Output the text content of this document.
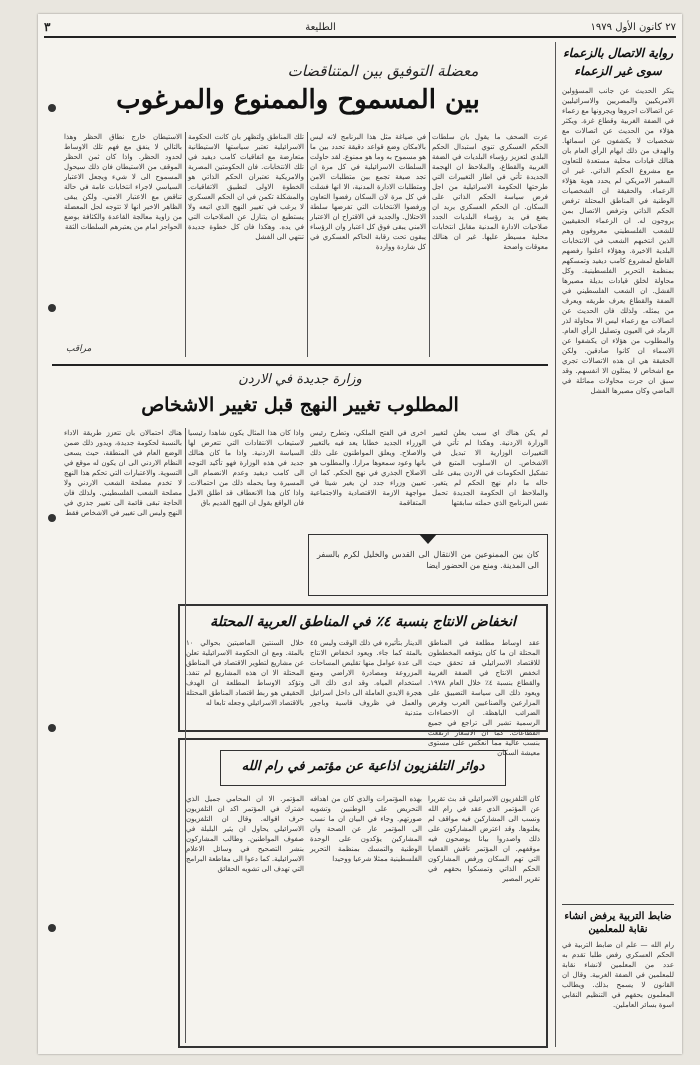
٢٧ كانون الأول ١٩٧٩
الطليعة
٣
رواية الاتصال بالزعماء سوى غير الزعماء

ينكر الحديث عن جانب المسؤولين الامريكيين والمصريين والاسرائيليين عن اتصالات اجروها ويجرونها مع زعماء في الضفة الغربية وقطاع غزة. ويكثر هؤلاء من الحديث عن اتصالات مع شخصيات لا يكشفون عن اسمائها. والهدف من ذلك ايهام الرأي العام بان هنالك قيادات محلية مستعدة للتعاون مع مشروع الحكم الذاتي. غير ان السفير الامريكي لم يحدد هوية هؤلاء الزعماء. والحقيقة ان الشخصيات الوطنية في المناطق المحتلة ترفض الحكم الذاتي وترفض الاتصال بمن يروجون له. ان الزعماء الحقيقيين للشعب الفلسطيني معروفون وهم الذين انتخبهم الشعب في الانتخابات البلدية الاخيرة. وهؤلاء اعلنوا رفضهم القاطع لمشروع كامب ديفيد وتمسكهم بمنظمة التحرير الفلسطينية. وكل محاولة لخلق قيادات بديلة مصيرها الفشل. ان الشعب الفلسطيني في الضفة والقطاع يعرف طريقه ويعرف من يمثله. ولذلك فان الحديث عن اتصالات مع زعماء ليس الا محاولة لذر الرماد في العيون وتضليل الرأي العام. والمطلوب من هؤلاء ان يكشفوا عن الاسماء ان كانوا صادقين. ولكن الحقيقة هي ان هذه الاتصالات تجري مع اشخاص لا يمثلون الا انفسهم. وقد سبق ان جرت محاولات مماثلة في الماضي وكان مصيرها الفشل

ضابط التربية يرفض انشاء نقابة للمعلمين

رام الله — علم ان ضابط التربية في الحكم العسكري رفض طلبا تقدم به عدد من المعلمين لانشاء نقابة للمعلمين في الضفة الغربية. وقال ان القانون لا يسمح بذلك. ويطالب المعلمون بحقهم في التنظيم النقابي اسوة بسائر العاملين.

معضلة التوفيق بين المتناقضات
بين المسموح والممنوع والمرغوب

عرت الصحف ما يقول بان سلطات الحكم العسكري تنوي استبدال الحكم البلدي لتعزيز رؤساء البلديات في الضفة الغربية والقطاع، والملاحظ ان الهجمة الجديدة تأتي في اطار التغييرات التي طرحتها الحكومة الاسرائيلية من اجل فرض سياسة الحكم الذاتي على السكان. ان الحكم العسكري يريد ان يضع في يد رؤساء البلديات الجدد صلاحيات الادارة المدنية مقابل انتخابات محلية مسيطر عليها. غير ان هنالك معوقات واضحة

في صياغة مثل هذا البرنامج لانه ليس بالامكان وضع قواعد دقيقة تحدد بين ما هو مسموح به وما هو ممنوع. لقد حاولت السلطات الاسرائيلية في كل مرة ان تجد صيغة تجمع بين متطلبات الامن ومتطلبات الادارة المدنية، الا انها فشلت في كل مرة لان السكان رفضوا التعاون ورفضوا الانتخابات التي تفرضها سلطة الاحتلال. والجديد في الاقتراح ان الاعتبار الامني يبقى فوق كل اعتبار وان الرؤساء يبقون تحت رقابة الحاكم العسكري في كل شاردة وواردة

تلك المناطق ولتظهر بان كانت الحكومة الاسرائيلية تعتبر سياستها الاستيطانية متعارضة مع اتفاقيات كامب ديفيد في تلك الانتخابات. فان الحكومتين المصرية والامريكية تعتبران الحكم الذاتي هو الخطوة الاولى لتطبيق الاتفاقيات. والمشكلة تكمن في ان الحكم العسكري لا يرغب في تغيير النهج الذي اتبعه ولا يستطيع ان يتنازل عن الصلاحيات التي في يده. وهكذا فان كل خطوة جديدة تنتهي الى الفشل

الاستيطان خارج نطاق الحظر وهذا بالتالي لا ينفق مع فهم تلك الاوساط لحدود الحظر. واذا كان ثمن الحظر الموقف من الاستيطان فان ذلك سيحول المسموح الى لا شيء ويجعل الاعتبار السياسي لاجراء انتخابات عامة في حالة تناقض مع الاعتبار الامني. ولكن يبقى الظاهر الاخير انها لا تتوجه لحل المعضلة من زاوية معالجة القاعدة والكثافة بوضع الحواجز امام من يعتبرهم السلطات الثقة

مراقب
وزارة جديدة في الاردن
المطلوب تغيير النهج قبل تغيير الاشخاص

لم يكن هناك اي سبب يعلن لتغيير الوزارة الاردنية. وهكذا لم تأتي في التغييرات الوزارية الا تبديل في الاشخاص. ان الاسلوب المتبع في تشكيل الحكومات في الاردن يبقى على حاله ما دام نهج الحكم لم يتغير. والملاحظ ان الحكومة الجديدة تحمل نفس البرنامج الذي حملته سابقتها

اخرى في الفتح الملكي، وتطرح رئيس الوزراء الجديد خطابا يعد فيه بالتغيير والاصلاح. ويعلق المواطنون على ذلك بانها وعود سمعوها مرارا. والمطلوب هو الاصلاح الجذري في نهج الحكم. كما ان تعيين وزراء جدد لن يغير شيئا في مواجهة الازمة الاقتصادية والاجتماعية المتفاقمة

واذا كان هذا المثال يكون شاهدا رئيسيا لاستيعاب الانتقادات التي تتعرض لها السياسة الاردنية. واذا ما كان هنالك جديد في هذه الوزارة فهو تأكيد التوجه الى كامب ديفيد وعدم الانضمام الى المسيرة وما يحمله ذلك من احتمالات. واذا كان هذا الانعطاف قد اطلق الامل فان الواقع يقول ان النهج القديم باق

هناك احتمالان بان تتعزز طريقة الاداء بالنسبة لحكومة جديدة، ويدور ذلك ضمن الوضع العام في المنطقة، حيث يسعى النظام الاردني الى ان يكون له موقع في التسوية. والاعتبارات التي تحكم هذا النهج لا تخدم مصلحة الشعب الاردني ولا مصلحة الشعب الفلسطيني. ولذلك فان الحاجة تبقى قائمة الى تغيير جذري في النهج وليس الى تغيير في الاشخاص فقط

كان بين الممنوعين من الانتقال الى القدس والخليل لكرم بالسفر الى المدينة. ومنع من الحضور ايضا

انخفاض الانتاج بنسبة ٤٪ في المناطق العربية المحتلة

عقد اوساط مطلعة في المناطق المحتلة ان ما كان يتوقعه المخططون للاقتصاد الاسرائيلي قد تحقق حيث انخفض الانتاج في الضفة الغربية والقطاع بنسبة ٤٪ خلال العام ١٩٧٨. ويعود ذلك الى سياسة التضييق على المزارعين والصناعيين العرب وفرض الضرائب الباهظة. ان الاحصاءات الرسمية تشير الى تراجع في جميع القطاعات. كما ان الاسعار ارتفعت بنسب عالية مما انعكس على مستوى معيشة السكان

الدينار بتأثيره في ذلك الوقت وليس ٤٥ بالمئة كما جاء. ويعود انخفاض الانتاج الى عدة عوامل منها تقليص المساحات المزروعة ومصادرة الاراضي ومنع استخدام المياه. وقد ادى ذلك الى هجرة الايدي العاملة الى داخل اسرائيل والعمل في ظروف قاسية وباجور متدنية

خلال السنتين الماضيتين بحوالي ١٠ بالمئة. ومع ان الحكومة الاسرائيلية تعلن عن مشاريع لتطوير الاقتصاد في المناطق المحتلة الا ان هذه المشاريع لم تنفذ. وتؤكد الاوساط المطلعة ان الهدف الحقيقي هو ربط اقتصاد المناطق المحتلة بالاقتصاد الاسرائيلي وجعله تابعا له

دوائر التلفزيون اذاعية عن مؤتمر في رام الله

كان التلفزيون الاسرائيلي قد بث تقريرا عن المؤتمر الذي عقد في رام الله ونسب الى المشاركين فيه مواقف لم يعلنوها. وقد اعترض المشاركون على ذلك واصدروا بيانا يوضحون فيه موقفهم. ان المؤتمر ناقش القضايا التي تهم السكان ورفض المشاركون الحكم الذاتي وتمسكوا بحقهم في تقرير المصير

بهذه المؤتمرات والذي كان من اهدافه التحريض على الوطنيين وتشويه صورتهم. وجاء في البيان ان ما نسب الى المؤتمر عار عن الصحة وان المشاركين يؤكدون على الوحدة الوطنية والتمسك بمنظمة التحرير الفلسطينية ممثلا شرعيا ووحيدا

المؤتمر. الا ان المحامي جميل الذي اشترك في المؤتمر اكد ان التلفزيون حرف اقواله. وقال ان التلفزيون الاسرائيلي يحاول ان يثير البلبلة في صفوف المواطنين. وطالب المشاركون بنشر التصحيح في وسائل الاعلام الاسرائيلية. كما دعوا الى مقاطعة البرامج التي تهدف الى تشويه الحقائق
